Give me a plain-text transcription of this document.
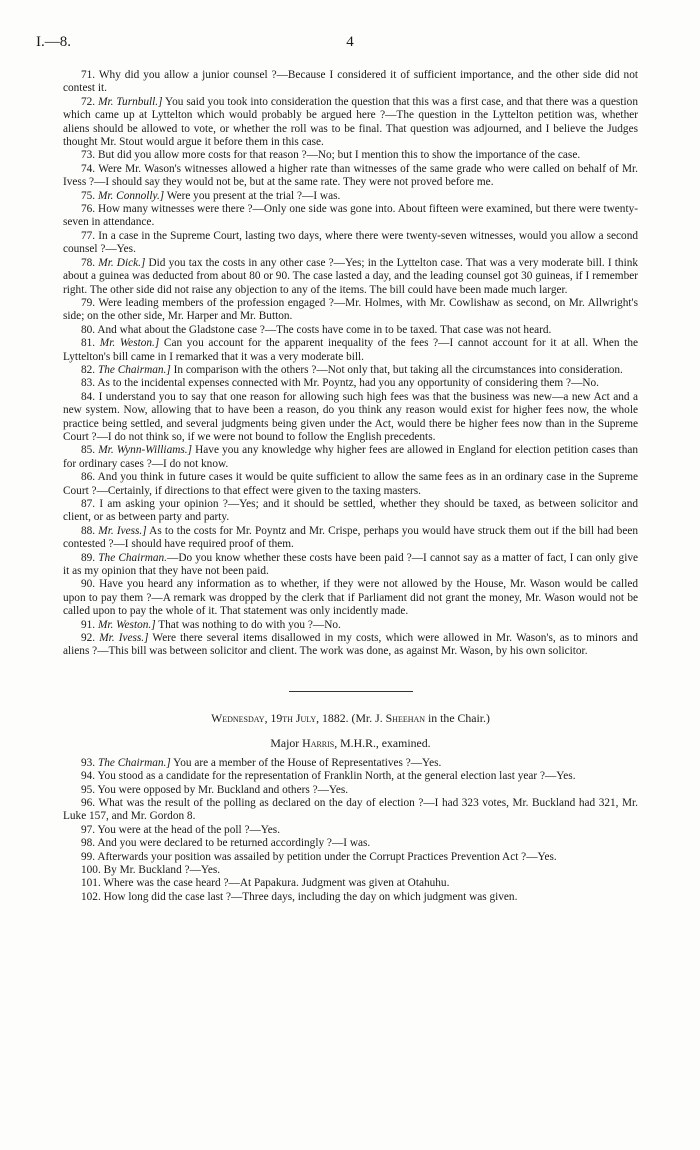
I.—8.	4

71. Why did you allow a junior counsel ?—Because I considered it of sufficient importance, and the other side did not contest it.

72. Mr. Turnbull.] You said you took into consideration the question that this was a first case, and that there was a question which came up at Lyttelton which would probably be argued here ?—The question in the Lyttelton petition was, whether aliens should be allowed to vote, or whether the roll was to be final. That question was adjourned, and I believe the Judges thought Mr. Stout would argue it before them in this case.

73. But did you allow more costs for that reason ?—No; but I mention this to show the importance of the case.

74. Were Mr. Wason's witnesses allowed a higher rate than witnesses of the same grade who were called on behalf of Mr. Ivess ?—I should say they would not be, but at the same rate. They were not proved before me.

75. Mr. Connolly.] Were you present at the trial ?—I was.

76. How many witnesses were there ?—Only one side was gone into. About fifteen were examined, but there were twenty-seven in attendance.

77. In a case in the Supreme Court, lasting two days, where there were twenty-seven witnesses, would you allow a second counsel ?—Yes.

78. Mr. Dick.] Did you tax the costs in any other case ?—Yes; in the Lyttelton case. That was a very moderate bill. I think about a guinea was deducted from about 80 or 90. The case lasted a day, and the leading counsel got 30 guineas, if I remember right. The other side did not raise any objection to any of the items. The bill could have been made much larger.

79. Were leading members of the profession engaged ?—Mr. Holmes, with Mr. Cowlishaw as second, on Mr. Allwright's side; on the other side, Mr. Harper and Mr. Button.

80. And what about the Gladstone case ?—The costs have come in to be taxed. That case was not heard.

81. Mr. Weston.] Can you account for the apparent inequality of the fees ?—I cannot account for it at all. When the Lyttelton's bill came in I remarked that it was a very moderate bill.

82. The Chairman.] In comparison with the others ?—Not only that, but taking all the circumstances into consideration.

83. As to the incidental expenses connected with Mr. Poyntz, had you any opportunity of considering them ?—No.

84. I understand you to say that one reason for allowing such high fees was that the business was new—a new Act and a new system. Now, allowing that to have been a reason, do you think any reason would exist for higher fees now, the whole practice being settled, and several judgments being given under the Act, would there be higher fees now than in the Supreme Court ?—I do not think so, if we were not bound to follow the English precedents.

85. Mr. Wynn-Williams.] Have you any knowledge why higher fees are allowed in England for election petition cases than for ordinary cases ?—I do not know.

86. And you think in future cases it would be quite sufficient to allow the same fees as in an ordinary case in the Supreme Court ?—Certainly, if directions to that effect were given to the taxing masters.

87. I am asking your opinion ?—Yes; and it should be settled, whether they should be taxed, as between solicitor and client, or as between party and party.

88. Mr. Ivess.] As to the costs for Mr. Poyntz and Mr. Crispe, perhaps you would have struck them out if the bill had been contested ?—I should have required proof of them.

89. The Chairman.—Do you know whether these costs have been paid ?—I cannot say as a matter of fact, I can only give it as my opinion that they have not been paid.

90. Have you heard any information as to whether, if they were not allowed by the House, Mr. Wason would be called upon to pay them ?—A remark was dropped by the clerk that if Parliament did not grant the money, Mr. Wason would not be called upon to pay the whole of it. That statement was only incidently made.

91. Mr. Weston.] That was nothing to do with you ?—No.

92. Mr. Ivess.] Were there several items disallowed in my costs, which were allowed in Mr. Wason's, as to minors and aliens ?—This bill was between solicitor and client. The work was done, as against Mr. Wason, by his own solicitor.

Wednesday, 19th July, 1882. (Mr. J. Sheehan in the Chair.)

Major Harris, M.H.R., examined.

93. The Chairman.] You are a member of the House of Representatives ?—Yes.

94. You stood as a candidate for the representation of Franklin North, at the general election last year ?—Yes.

95. You were opposed by Mr. Buckland and others ?—Yes.

96. What was the result of the polling as declared on the day of election ?—I had 323 votes, Mr. Buckland had 321, Mr. Luke 157, and Mr. Gordon 8.

97. You were at the head of the poll ?—Yes.

98. And you were declared to be returned accordingly ?—I was.

99. Afterwards your position was assailed by petition under the Corrupt Practices Prevention Act ?—Yes.

100. By Mr. Buckland ?—Yes.

101. Where was the case heard ?—At Papakura. Judgment was given at Otahuhu.

102. How long did the case last ?—Three days, including the day on which judgment was given.
